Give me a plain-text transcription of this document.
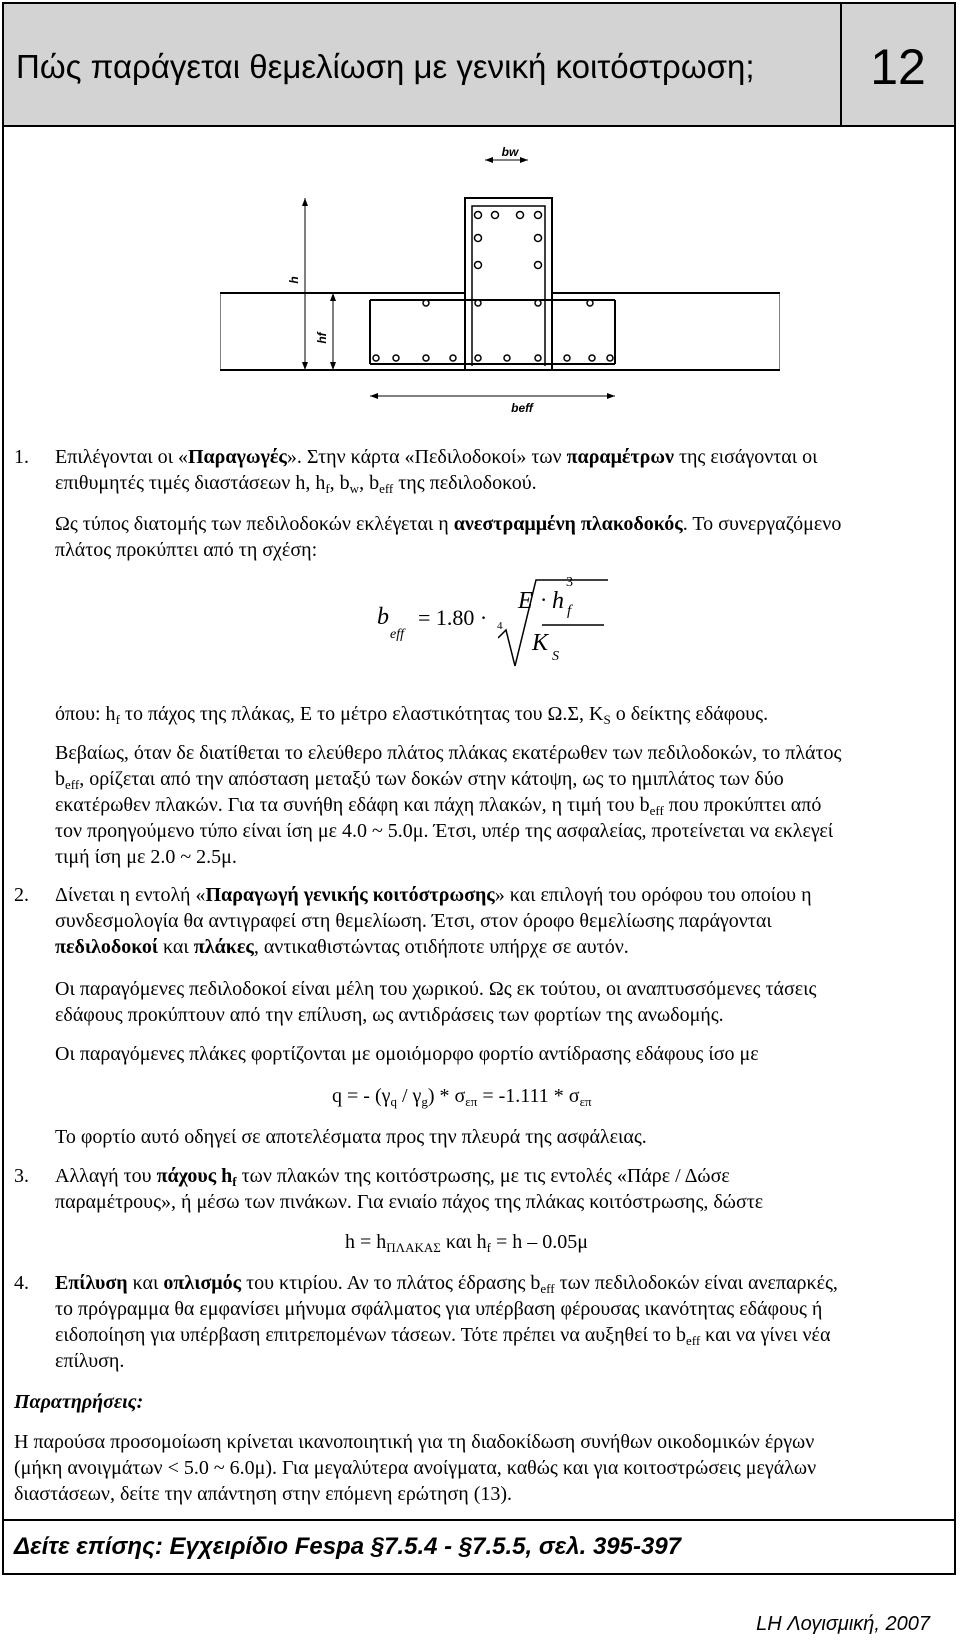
Πώς παράγεται θεμελίωση με γενική κοιτόστρωση;	12
bw
h
hf
beff
1. Επιλέγονται οι «Παραγωγές». Στην κάρτα «Πεδιλοδοκοί» των παραμέτρων της εισάγονται οι
επιθυμητές τιμές διαστάσεων h, $h_f$, $b_w$, $b_{eff}$ της πεδιλοδοκού.
Ως τύπος διατομής των πεδιλοδοκών εκλέγεται η ανεστραμμένη πλακοδοκός. Το συνεργαζόμενο
πλάτος προκύπτει από τη σχέση:
b
eff
= 1.80 · 4
E · h
3
f
K
S
όπου: $h_f$ το πάχος της πλάκας, E το μέτρο ελαστικότητας του Ω.Σ, $K_S$ ο δείκτης εδάφους.
Βεβαίως, όταν δε διατίθεται το ελεύθερο πλάτος πλάκας εκατέρωθεν των πεδιλοδοκών, το πλάτος
$b_{eff}$, ορίζεται από την απόσταση μεταξύ των δοκών στην κάτοψη, ως το ημιπλάτος των δύο
εκατέρωθεν πλακών. Για τα συνήθη εδάφη και πάχη πλακών, η τιμή του $b_{eff}$ που προκύπτει από
τον προηγούμενο τύπο είναι ίση με 4.0 ~ 5.0μ. Έτσι, υπέρ της ασφαλείας, προτείνεται να εκλεγεί
τιμή ίση με 2.0 ~ 2.5μ.
2. Δίνεται η εντολή «Παραγωγή γενικής κοιτόστρωσης» και επιλογή του ορόφου του οποίου η
συνδεσμολογία θα αντιγραφεί στη θεμελίωση. Έτσι, στον όροφο θεμελίωσης παράγονται
πεδιλοδοκοί και πλάκες, αντικαθιστώντας οτιδήποτε υπήρχε σε αυτόν.
Οι παραγόμενες πεδιλοδοκοί είναι μέλη του χωρικού. Ως εκ τούτου, οι αναπτυσσόμενες τάσεις
εδάφους προκύπτουν από την επίλυση, ως αντιδράσεις των φορτίων της ανωδομής.
Οι παραγόμενες πλάκες φορτίζονται με ομοιόμορφο φορτίο αντίδρασης εδάφους ίσο με
q = - $(\gamma_q / \gamma_g) * \sigma_{\varepsilon\pi} = -1.111 * \sigma_{\varepsilon\pi}$
Το φορτίο αυτό οδηγεί σε αποτελέσματα προς την πλευρά της ασφάλειας.
3. Αλλαγή του πάχους $h_f$ των πλακών της κοιτόστρωσης, με τις εντολές «Πάρε / Δώσε
παραμέτρους», ή μέσω των πινάκων. Για ενιαίο πάχος της πλάκας κοιτόστρωσης, δώστε
$h = h_{\Pi\Lambda AKA\Sigma}$ και $h_f = h - 0.05\mu$
4. Επίλυση και οπλισμός του κτιρίου. Αν το πλάτος έδρασης $b_{eff}$ των πεδιλοδοκών είναι ανεπαρκές,
το πρόγραμμα θα εμφανίσει μήνυμα σφάλματος για υπέρβαση φέρουσας ικανότητας εδάφους ή
ειδοποίηση για υπέρβαση επιτρεπομένων τάσεων. Τότε πρέπει να αυξηθεί το $b_{eff}$ και να γίνει νέα
επίλυση.
Παρατηρήσεις:
Η παρούσα προσομοίωση κρίνεται ικανοποιητική για τη διαδοκίδωση συνήθων οικοδομικών έργων
(μήκη ανοιγμάτων < 5.0 ~ 6.0μ). Για μεγαλύτερα ανοίγματα, καθώς και για κοιτοστρώσεις μεγάλων
διαστάσεων, δείτε την απάντηση στην επόμενη ερώτηση (13).
Δείτε επίσης: Εγχειρίδιο Fespa §7.5.4 - §7.5.5, σελ. 395-397
LH Λογισμική, 2007
